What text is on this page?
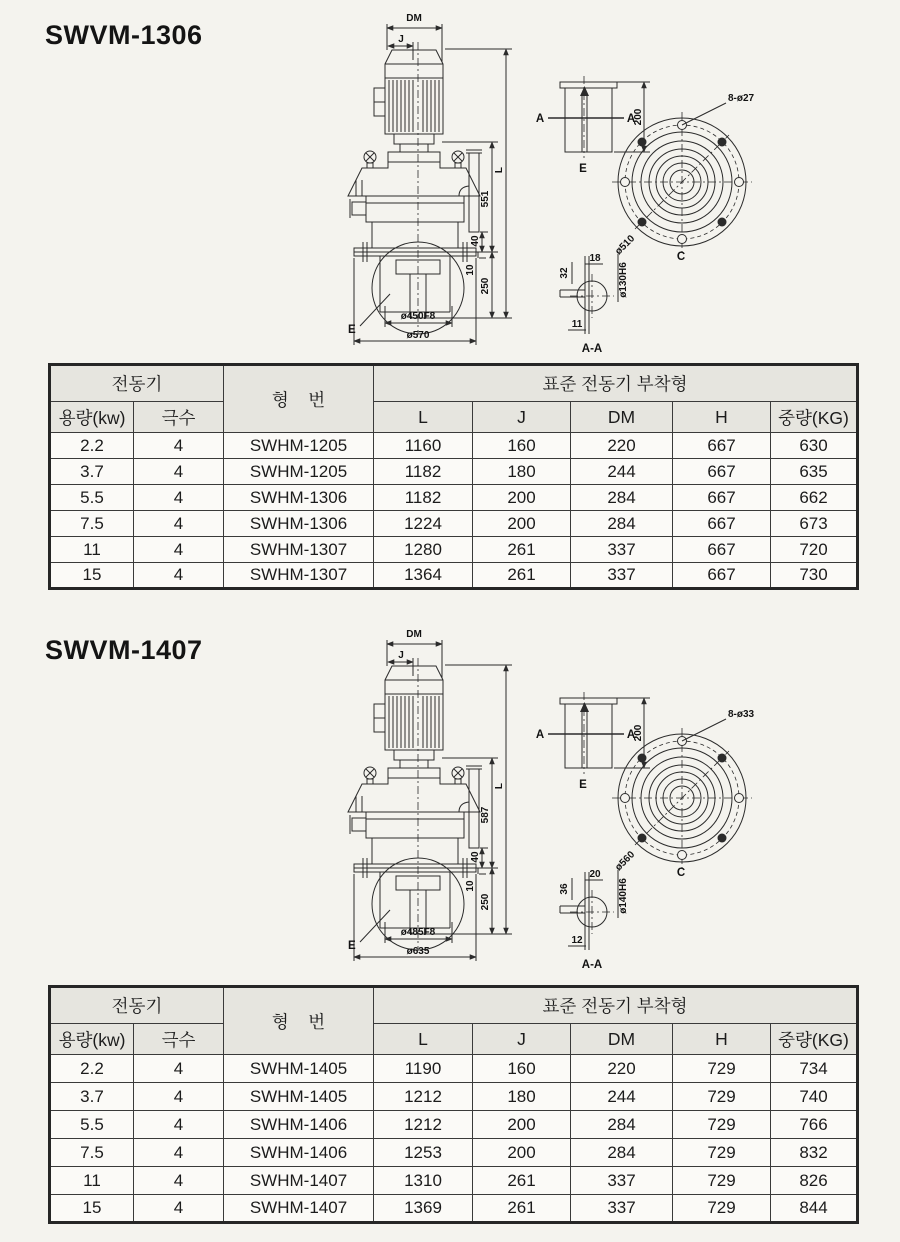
SWVM-1306
DM
J
L
551
40
10
250
ø450F8
ø570
E
E
A	A
200
8-ø27
ø510	C
18
ø130H6
32
11
A-A
전동기		형    번	표준 전동기 부착형				
용량(kw)	극수		L	J	DM	H	중량(KG)
2.2	4	SWHM-1205	1160	160	220	667	630
3.7	4	SWHM-1205	1182	180	244	667	635
5.5	4	SWHM-1306	1182	200	284	667	662
7.5	4	SWHM-1306	1224	200	284	667	673
11	4	SWHM-1307	1280	261	337	667	720
15	4	SWHM-1307	1364	261	337	667	730
SWVM-1407
DM
J
L
587
40
10
250
ø485F8
ø635
E
E
A	A
200
8-ø33
ø560	C
20
ø140H6
36
12
A-A
전동기		형    번	표준 전동기 부착형				
용량(kw)	극수		L	J	DM	H	중량(KG)
2.2	4	SWHM-1405	1190	160	220	729	734
3.7	4	SWHM-1405	1212	180	244	729	740
5.5	4	SWHM-1406	1212	200	284	729	766
7.5	4	SWHM-1406	1253	200	284	729	832
11	4	SWHM-1407	1310	261	337	729	826
15	4	SWHM-1407	1369	261	337	729	844
